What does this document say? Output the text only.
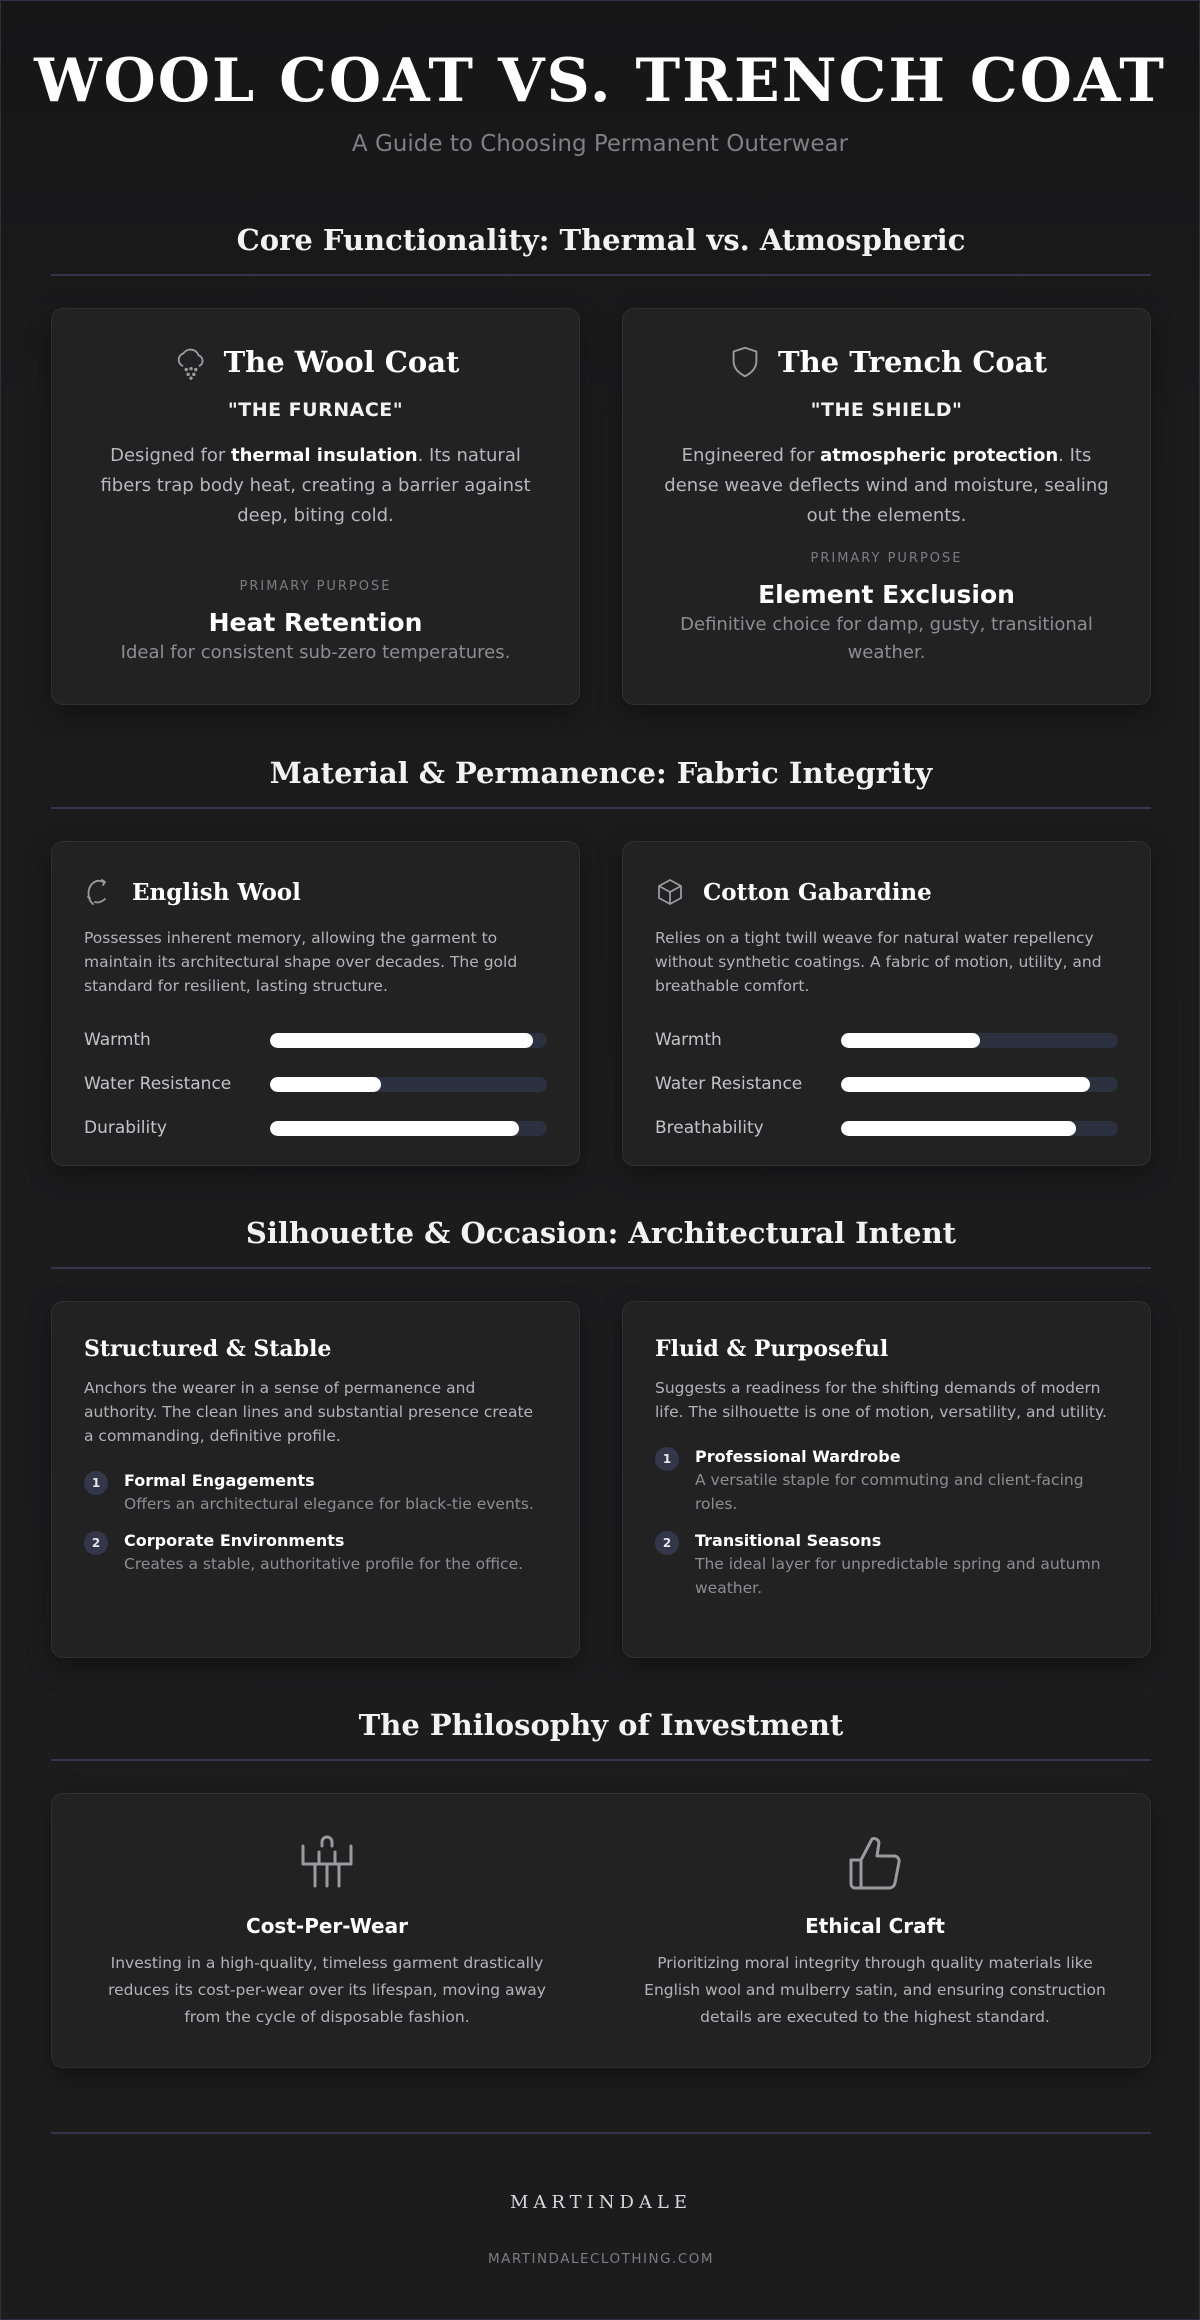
WOOL COAT VS. TRENCH COAT
A Guide to Choosing Permanent Outerwear
Core Functionality: Thermal vs. Atmospheric
The Wool Coat
"THE FURNACE"

Designed for thermal insulation. Its natural fibers trap body heat, creating a barrier against deep, biting cold.

PRIMARY PURPOSE
Heat Retention
Ideal for consistent sub-zero temperatures.
The Trench Coat
"THE SHIELD"

Engineered for atmospheric protection. Its dense weave deflects wind and moisture, sealing out the elements.

PRIMARY PURPOSE
Element Exclusion
Definitive choice for damp, gusty, transitional weather.
Material & Permanence: Fabric Integrity
English Wool

Possesses inherent memory, allowing the garment to maintain its architectural shape over decades. The gold standard for resilient, lasting structure.

Warmth
Water Resistance
Durability
Cotton Gabardine

Relies on a tight twill weave for natural water repellency without synthetic coatings. A fabric of motion, utility, and breathable comfort.

Warmth
Water Resistance
Breathability
Silhouette & Occasion: Architectural Intent
Structured & Stable

Anchors the wearer in a sense of permanence and authority. The clean lines and substantial presence create a commanding, definitive profile.

1	Formal Engagements
Offers an architectural elegance for black-tie events.
2	Corporate Environments
Creates a stable, authoritative profile for the office.
Fluid & Purposeful

Suggests a readiness for the shifting demands of modern life. The silhouette is one of motion, versatility, and utility.

1	Professional Wardrobe
A versatile staple for commuting and client-facing roles.
2	Transitional Seasons
The ideal layer for unpredictable spring and autumn weather.
The Philosophy of Investment
Cost-Per-Wear

Investing in a high-quality, timeless garment drastically reduces its cost-per-wear over its lifespan, moving away from the cycle of disposable fashion.

Ethical Craft

Prioritizing moral integrity through quality materials like English wool and mulberry satin, and ensuring construction details are executed to the highest standard.

MARTINDALE
MARTINDALECLOTHING.COM
